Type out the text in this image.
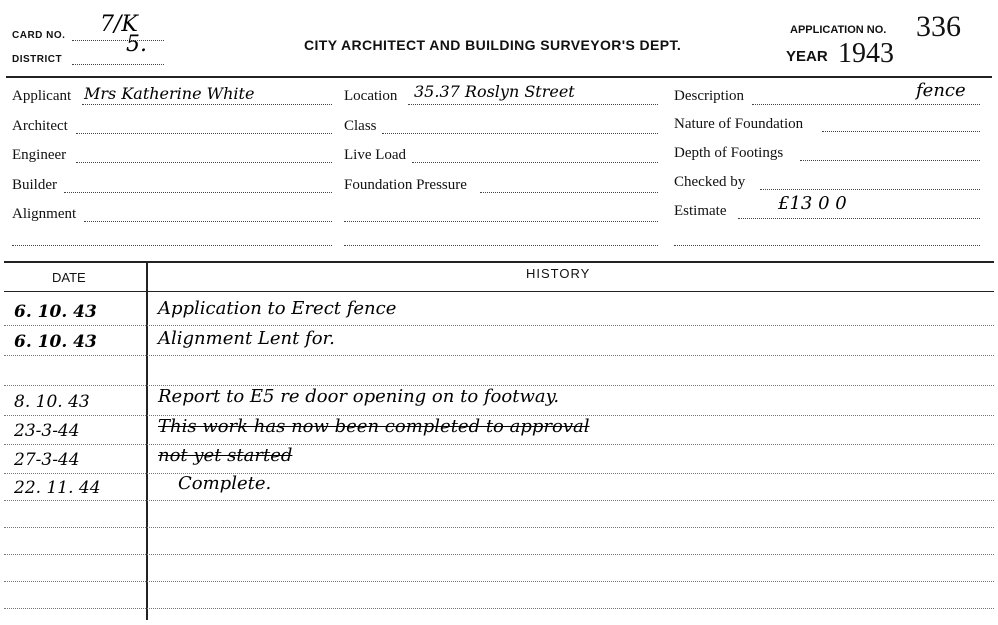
CARD NO. 7/K
DISTRICT
5.	CITY ARCHITECT AND BUILDING SURVEYOR'S DEPT.
APPLICATION NO. 336
YEAR 1943
Applicant Mrs Katherine White
Architect
Engineer
Builder
Alignment
Location 35.37 Roslyn Street
Class
Live Load
Foundation Pressure
Description	fence
Nature of Foundation
Depth of Footings
Checked by
Estimate	£13 0 0
DATE	HISTORY
6. 10. 43	Application to Erect fence
6. 10. 43	Alignment Lent for.
8. 10. 43	Report to E5 re door opening on to footway.
23-3-44	This work has now been completed to approval
27-3-44	not yet started
22. 11. 44	Complete.
